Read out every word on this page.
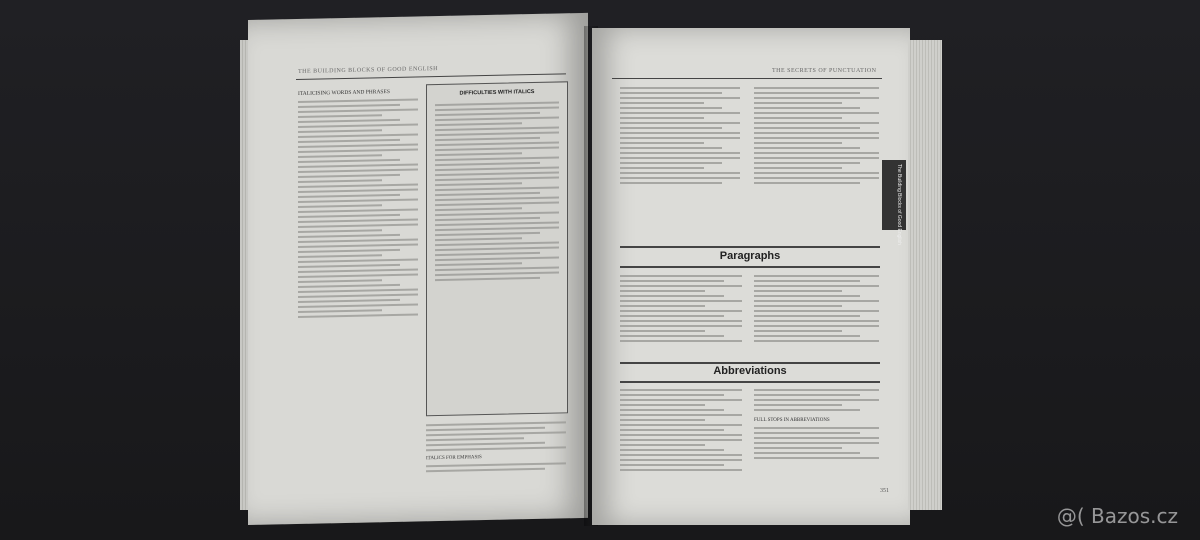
THE BUILDING BLOCKS OF GOOD ENGLISH
ITALICISING WORDS AND PHRASES	DIFFICULTIES WITH ITALICS
ITALICS FOR EMPHASIS
THE SECRETS OF PUNCTUATION
Paragraphs
Abbreviations
FULL STOPS IN ABBREVIATIONS
351
The Building Blocks of Good English
@( Bazos.cz
